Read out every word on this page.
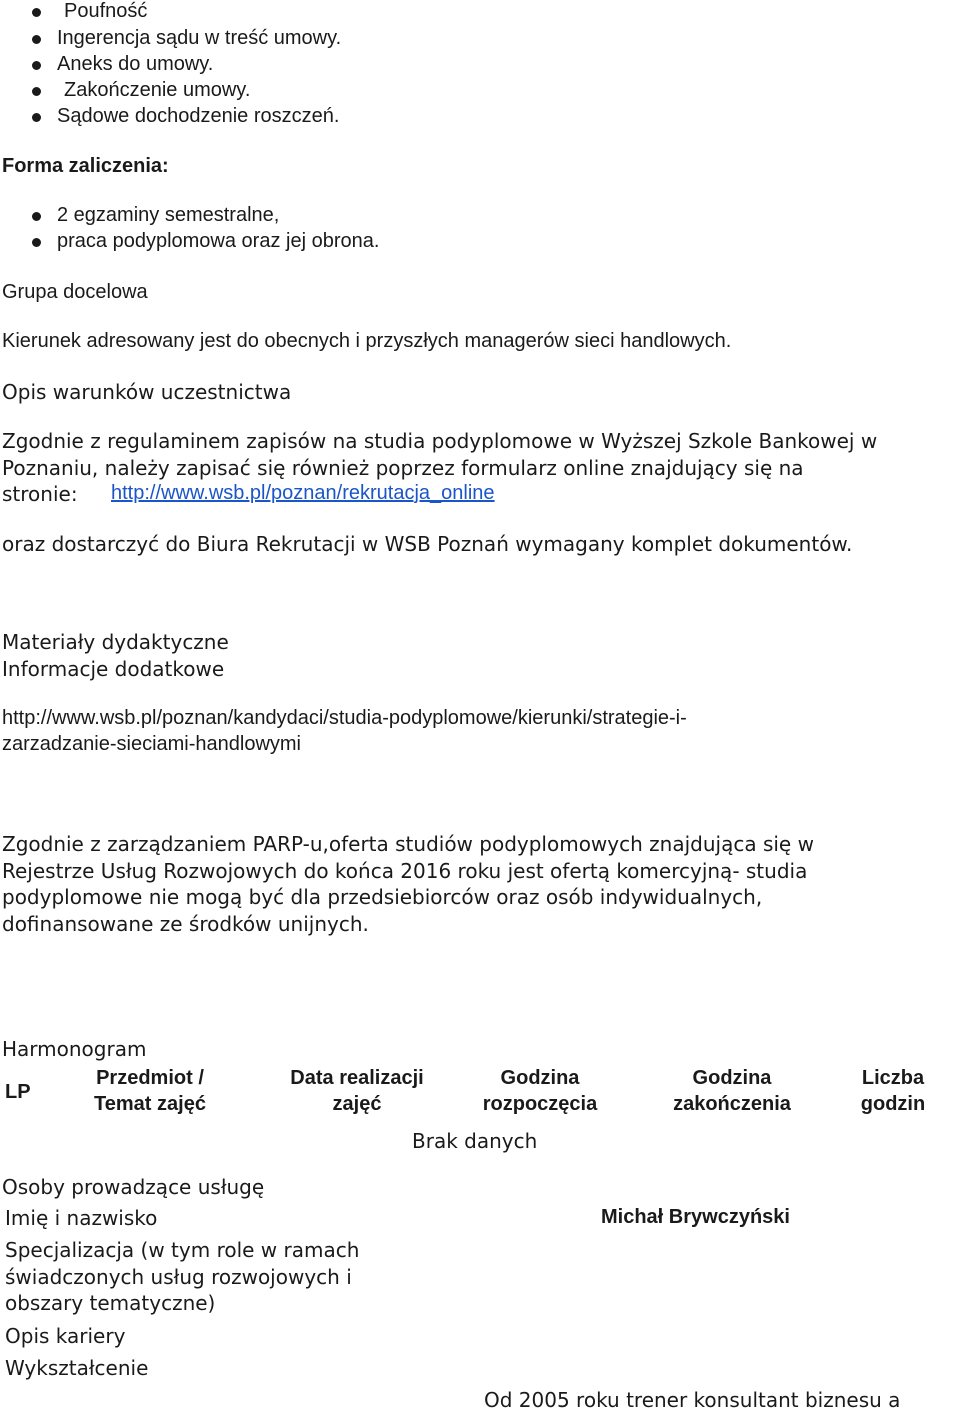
Poufność
Ingerencja sądu w treść umowy.
Aneks do umowy.
Zakończenie umowy.
Sądowe dochodzenie roszczeń.
Forma zaliczenia:
2 egzaminy semestralne,
praca podyplomowa oraz jej obrona.
Grupa docelowa
Kierunek adresowany jest do obecnych i przyszłych managerów sieci handlowych.
Opis warunków uczestnictwa
Zgodnie z regulaminem zapisów na studia podyplomowe w Wyższej Szkole Bankowej w
Poznaniu, należy zapisać się również poprzez formularz online znajdujący się na
stronie: http://www.wsb.pl/poznan/rekrutacja_online
oraz dostarczyć do Biura Rekrutacji w WSB Poznań wymagany komplet dokumentów.
Materiały dydaktyczne
Informacje dodatkowe
http://www.wsb.pl/poznan/kandydaci/studia-podyplomowe/kierunki/strategie-i-
zarzadzanie-sieciami-handlowymi
Zgodnie z zarządzaniem PARP-u,oferta studiów podyplomowych znajdująca się w
Rejestrze Usług Rozwojowych do końca 2016 roku jest ofertą komercyjną- studia
podyplomowe nie mogą być dla przedsiebiorców oraz osób indywidualnych,
dofinansowane ze środków unijnych.
Harmonogram
LP
Przedmiot /
Temat zajęć
Data realizacji
zajęć
Godzina
rozpoczęcia
Godzina
zakończenia
Liczba
godzin
Brak danych
Osoby prowadzące usługę
Imię i nazwisko	Michał Brywczyński
Specjalizacja (w tym role w ramach
świadczonych usług rozwojowych i
obszary tematyczne)
Opis kariery
Wykształcenie
Od 2005 roku trener konsultant biznesu a
